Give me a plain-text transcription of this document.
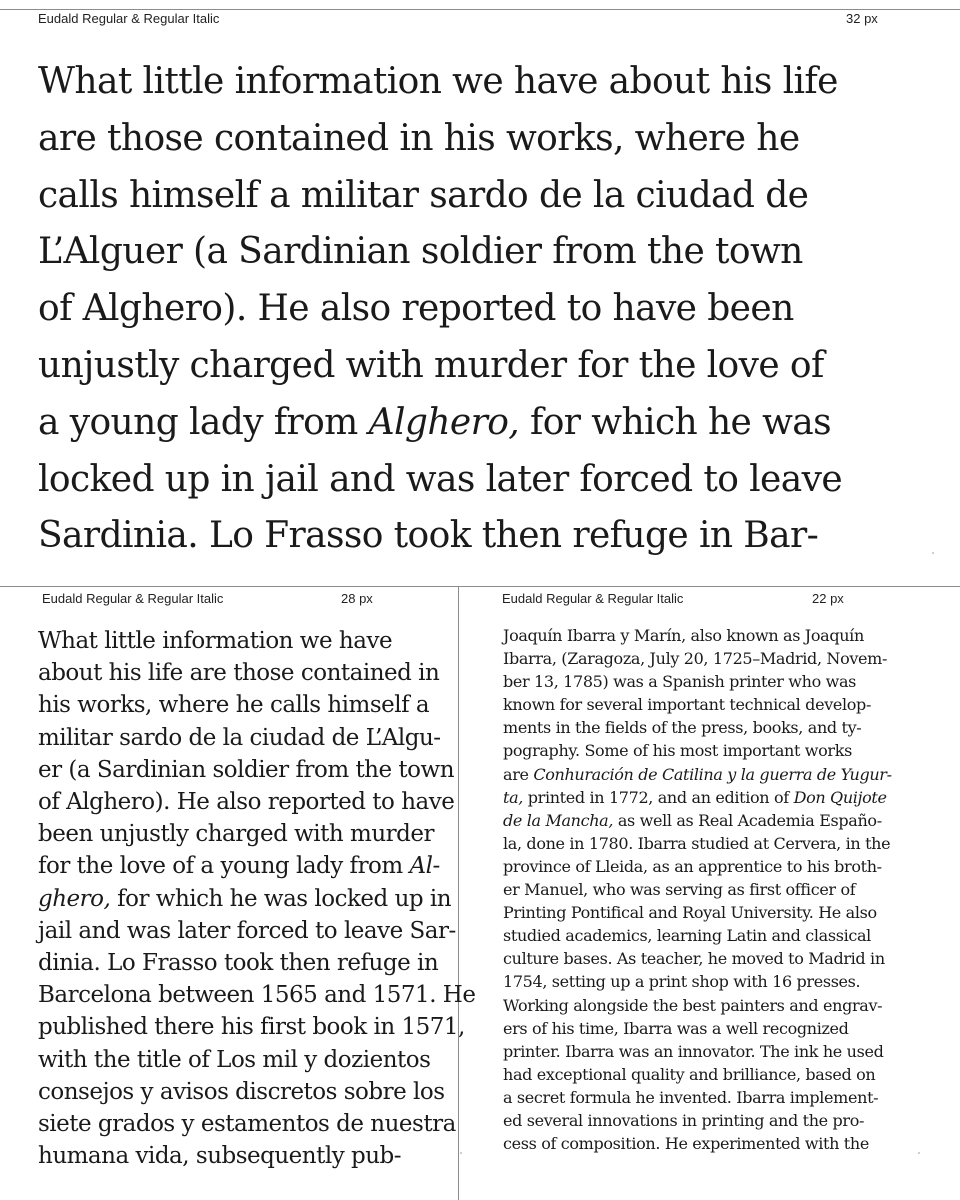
Eudald Regular & Regular Italic	32 px
What little information we have about his life
are those contained in his works, where he
calls himself a militar sardo de la ciudad de
L’Alguer (a Sardinian soldier from the town
of Alghero). He also reported to have been
unjustly charged with murder for the love of
a young lady from Alghero, for which he was
locked up in jail and was later forced to leave
Sardinia. Lo Frasso took then refuge in Bar-
Eudald Regular & Regular Italic	28 px
What little information we have
about his life are those contained in
his works, where he calls himself a
militar sardo de la ciudad de L’Algu-
er (a Sardinian soldier from the town
of Alghero). He also reported to have
been unjustly charged with murder
for the love of a young lady from Al-
ghero, for which he was locked up in
jail and was later forced to leave Sar-
dinia. Lo Frasso took then refuge in
Barcelona between 1565 and 1571. He
published there his first book in 1571,
with the title of Los mil y dozientos
consejos y avisos discretos sobre los
siete grados y estamentos de nuestra
humana vida, subsequently pub-
Eudald Regular & Regular Italic	22 px
Joaquín Ibarra y Marín, also known as Joaquín
Ibarra, (Zaragoza, July 20, 1725–Madrid, Novem-
ber 13, 1785) was a Spanish printer who was
known for several important technical develop-
ments in the fields of the press, books, and ty-
pography. Some of his most important works
are Conhuración de Catilina y la guerra de Yugur-
ta, printed in 1772, and an edition of Don Quijote
de la Mancha, as well as Real Academia Españo-
la, done in 1780. Ibarra studied at Cervera, in the
province of Lleida, as an apprentice to his broth-
er Manuel, who was serving as first officer of
Printing Pontifical and Royal University. He also
studied academics, learning Latin and classical
culture bases. As teacher, he moved to Madrid in
1754, setting up a print shop with 16 presses.
Working alongside the best painters and engrav-
ers of his time, Ibarra was a well recognized
printer. Ibarra was an innovator. The ink he used
had exceptional quality and brilliance, based on
a secret formula he invented. Ibarra implement-
ed several innovations in printing and the pro-
cess of composition. He experimented with the
